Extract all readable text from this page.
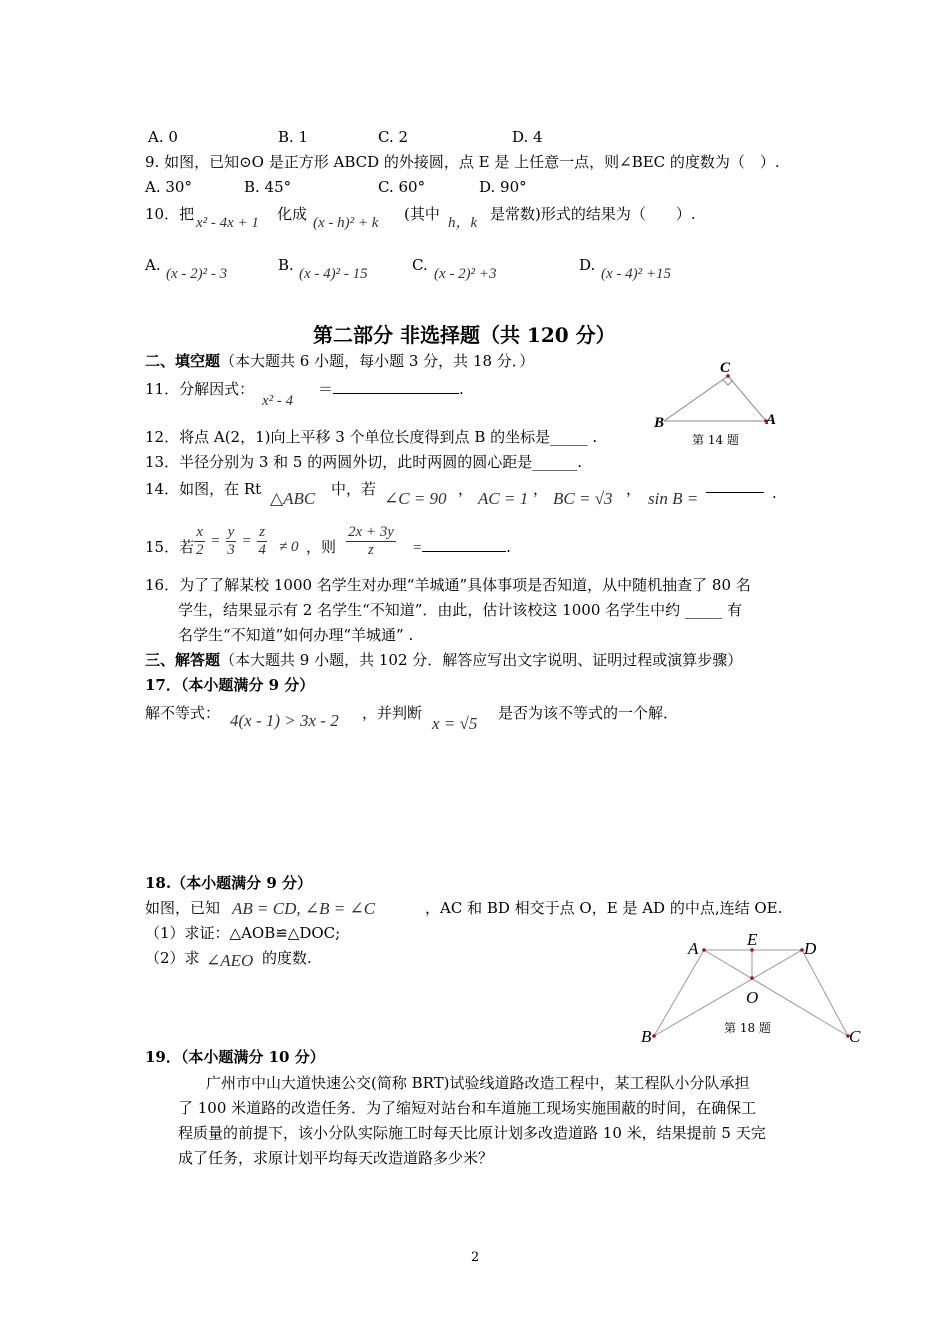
A. 0	B. 1	C. 2	D. 4
9. 如图，已知⊙O 是正方形 ABCD 的外接圆，点 E 是 上任意一点，则∠BEC 的度数为（　）.
A. 30°	B. 45°	C. 60°	D. 90°
10．把 x² - 4x + 1 化成 (x - h)² + k (其中 h，k 是常数)形式的结果为（　　）.
A. (x - 2)² - 3	B. (x - 4)² - 15	C. (x - 2)² +3	D. (x - 4)² +15
第二部分 非选择题（共 120 分）
二、填空题（本大题共 6 小题，每小题 3 分，共 18 分．）	C
B	A
第 14 题
11．分解因式：
x² - 4
＝	.
12．将点 A(2，1)向上平移 3 个单位长度得到点 B 的坐标是_____ .
13．半径分别为 3 和 5 的两圆外切，此时两圆的圆心距是______.
14．如图，在 Rt △ABC 中，若 ∠C = 90 ， AC = 1 ， BC = √3 ， sin B =	.
15．若 $\frac{x}{2} = \frac{y}{3} = \frac{z}{4} \ne 0$ ，则 $\frac{2x + 3y}{z}$ =	.
16．为了了解某校 1000 名学生对办理“羊城通”具体事项是否知道，从中随机抽查了 80 名
学生，结果显示有 2 名学生“不知道”．由此，估计该校这 1000 名学生中约 _____ 有
名学生“不知道”如何办理“羊城通” .
三、解答题（本大题共 9 小题，共 102 分．解答应写出文字说明、证明过程或演算步骤）
17．（本小题满分 9 分）
解不等式： 4(x - 1) > 3x - 2 ，并判断
x = √5
是否为该不等式的一个解．
18.（本小题满分 9 分）
如图，已知 AB = CD, ∠B = ∠C	，AC 和 BD 相交于点 O，E 是 AD 的中点,连结 OE.
（1）求证：△AOB≌△DOC;
（2）求 ∠AEO 的度数.	A	E	D
O
B	C
第 18 题
19．（本小题满分 10 分）
广州市中山大道快速公交(简称 BRT)试验线道路改造工程中，某工程队小分队承担
了 100 米道路的改造任务．为了缩短对站台和车道施工现场实施围蔽的时间，在确保工
程质量的前提下，该小分队实际施工时每天比原计划多改造道路 10 米，结果提前 5 天完
成了任务，求原计划平均每天改造道路多少米？
2
